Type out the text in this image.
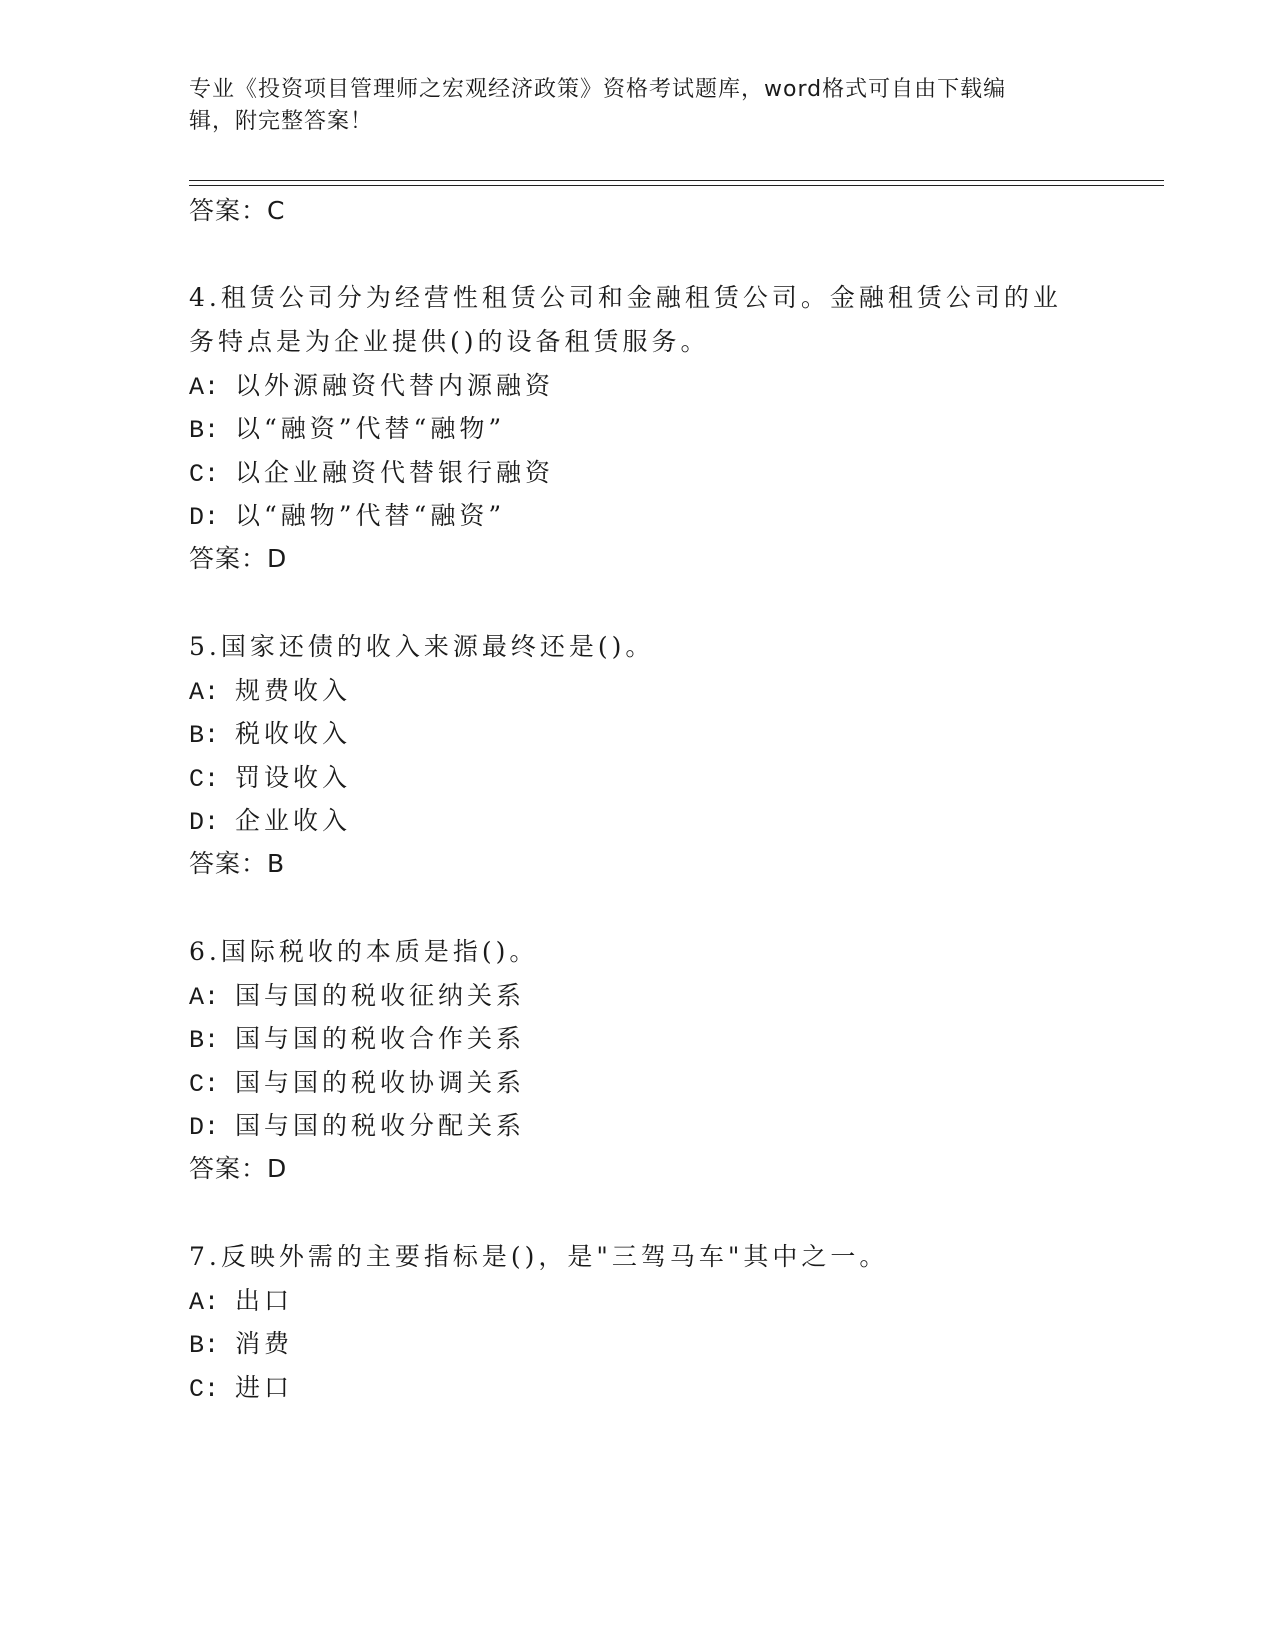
专业《投资项目管理师之宏观经济政策》资格考试题库，word格式可自由下载编
辑，附完整答案！
答案：C
4.租赁公司分为经营性租赁公司和金融租赁公司。金融租赁公司的业
务特点是为企业提供()的设备租赁服务。
A: 以外源融资代替内源融资
B: 以“融资”代替“融物”
C: 以企业融资代替银行融资
D: 以“融物”代替“融资”
答案：D
5.国家还债的收入来源最终还是()。
A: 规费收入
B: 税收收入
C: 罚设收入
D: 企业收入
答案：B
6.国际税收的本质是指()。
A: 国与国的税收征纳关系
B: 国与国的税收合作关系
C: 国与国的税收协调关系
D: 国与国的税收分配关系
答案：D
7.反映外需的主要指标是()，是"三驾马车"其中之一。
A: 出口
B: 消费
C: 进口
